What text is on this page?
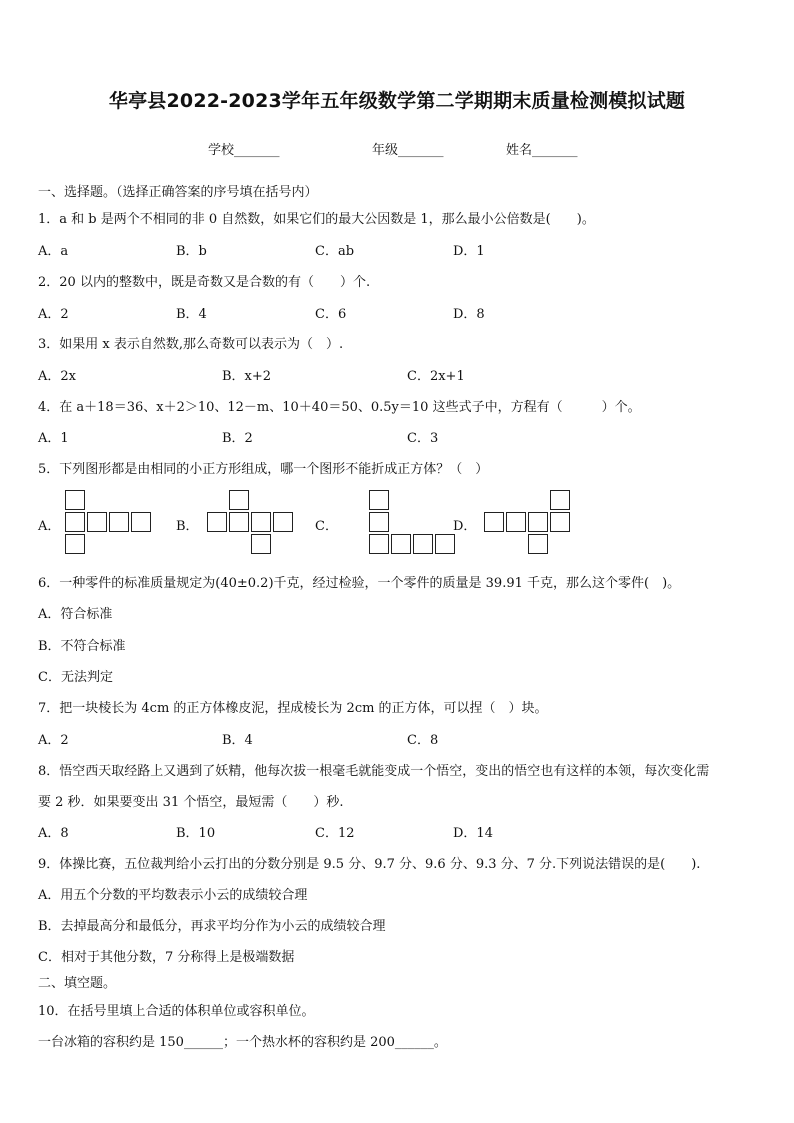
华亭县2022-2023学年五年级数学第二学期期末质量检测模拟试题
学校_______	年级_______	姓名_______
一、选择题。（选择正确答案的序号填在括号内）
1．a 和 b 是两个不相同的非 0 自然数，如果它们的最大公因数是 1，那么最小公倍数是(　　)。
A．a	B．b	C．ab	D．1
2．20 以内的整数中，既是奇数又是合数的有（　　）个.
A．2	B．4	C．6	D．8
3．如果用 x 表示自然数,那么奇数可以表示为（　）.
A．2x	B．x+2	C．2x+1
4．在 a＋18＝36、x＋2＞10、12－m、10＋40＝50、0.5y＝10 这些式子中，方程有（　　　）个。
A．1	B．2	C．3
5．下列图形都是由相同的小正方形组成，哪一个图形不能折成正方体？（　）
A．	B．	C．	D．
6．一种零件的标准质量规定为(40±0.2)千克，经过检验，一个零件的质量是 39.91 千克，那么这个零件(　)。
A．符合标准
B．不符合标准
C．无法判定
7．把一块棱长为 4cm 的正方体橡皮泥，捏成棱长为 2cm 的正方体，可以捏（　）块。
A．2	B．4	C．8
8．悟空西天取经路上又遇到了妖精，他每次拔一根毫毛就能变成一个悟空，变出的悟空也有这样的本领，每次变化需
要 2 秒．如果要变出 31 个悟空，最短需（　　）秒.
A．8	B．10	C．12	D．14
9．体操比赛，五位裁判给小云打出的分数分别是 9.5 分、9.7 分、9.6 分、9.3 分、7 分.下列说法错误的是(　　).
A．用五个分数的平均数表示小云的成绩较合理
B．去掉最高分和最低分，再求平均分作为小云的成绩较合理
C．相对于其他分数，7 分称得上是极端数据
二、填空题。
10．在括号里填上合适的体积单位或容积单位。
一台冰箱的容积约是 150______；一个热水杯的容积约是 200______。
